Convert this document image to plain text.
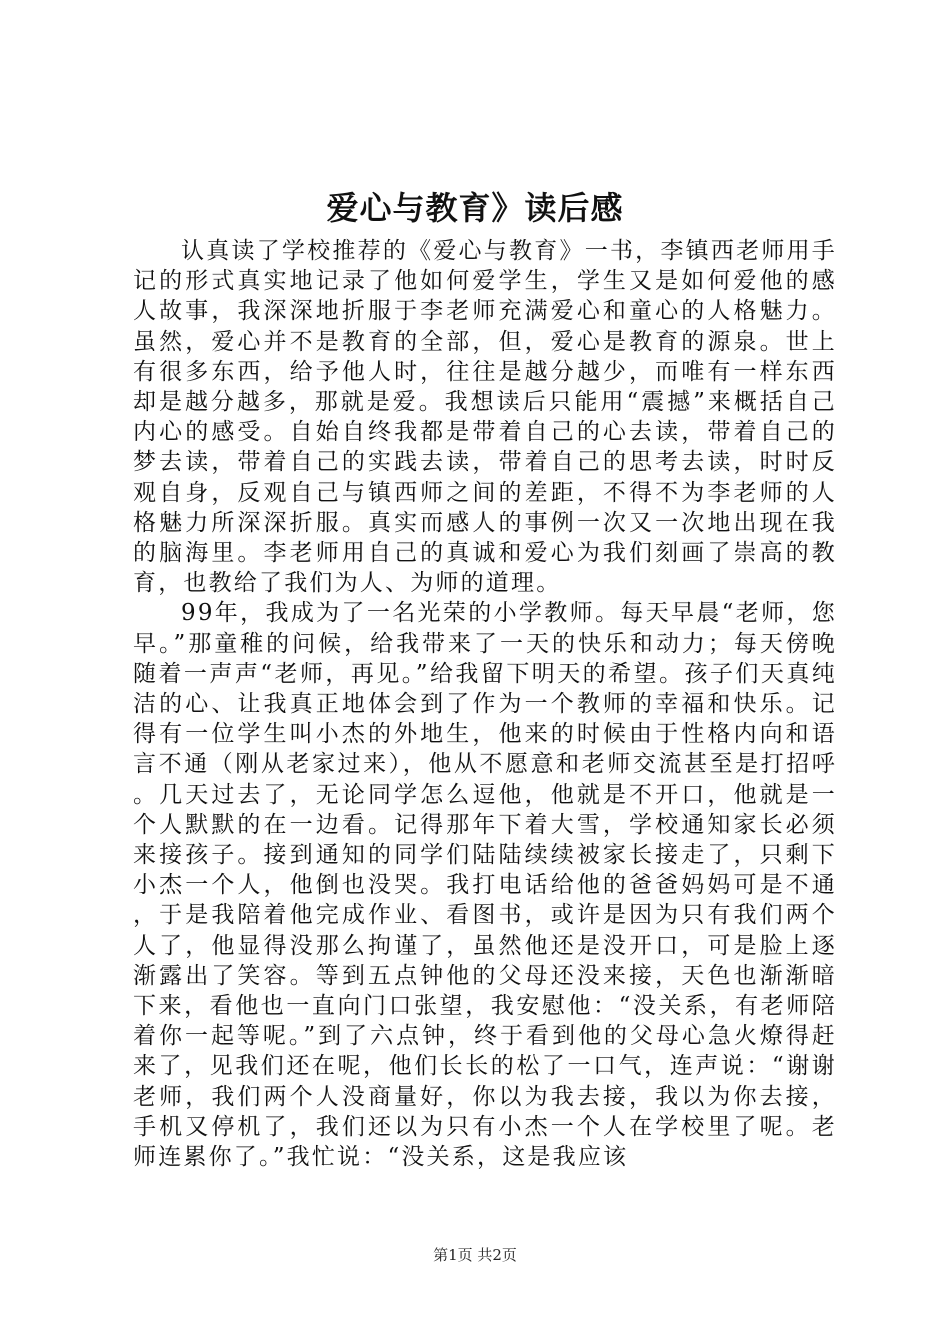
爱心与教育》读后感

认真读了学校推荐的《爱心与教育》一书，李镇西老师用手记的形式真实地记录了他如何爱学生，学生又是如何爱他的感人故事，我深深地折服于李老师充满爱心和童心的人格魅力。虽然，爱心并不是教育的全部，但，爱心是教育的源泉。世上有很多东西，给予他人时，往往是越分越少，而唯有一样东西却是越分越多，那就是爱。我想读后只能用“震撼”来概括自己内心的感受。自始自终我都是带着自己的心去读，带着自己的梦去读，带着自己的实践去读，带着自己的思考去读，时时反观自身，反观自己与镇西师之间的差距，不得不为李老师的人格魅力所深深折服。真实而感人的事例一次又一次地出现在我的脑海里。李老师用自己的真诚和爱心为我们刻画了崇高的教育，也教给了我们为人、为师的道理。

99年，我成为了一名光荣的小学教师。每天早晨“老师，您早。”那童稚的问候，给我带来了一天的快乐和动力；每天傍晚随着一声声“老师，再见。”给我留下明天的希望。孩子们天真纯洁的心、让我真正地体会到了作为一个教师的幸福和快乐。记得有一位学生叫小杰的外地生，他来的时候由于性格内向和语言不通（刚从老家过来），他从不愿意和老师交流甚至是打招呼。几天过去了，无论同学怎么逗他，他就是不开口，他就是一个人默默的在一边看。记得那年下着大雪，学校通知家长必须来接孩子。接到通知的同学们陆陆续续被家长接走了，只剩下小杰一个人，他倒也没哭。我打电话给他的爸爸妈妈可是不通，于是我陪着他完成作业、看图书，或许是因为只有我们两个人了，他显得没那么拘谨了，虽然他还是没开口，可是脸上逐渐露出了笑容。等到五点钟他的父母还没来接，天色也渐渐暗下来，看他也一直向门口张望，我安慰他：“没关系，有老师陪着你一起等呢。”到了六点钟，终于看到他的父母心急火燎得赶来了，见我们还在呢，他们长长的松了一口气，连声说：“谢谢老师，我们两个人没商量好，你以为我去接，我以为你去接，手机又停机了，我们还以为只有小杰一个人在学校里了呢。老师连累你了。”我忙说：“没关系，这是我应该

第1页 共2页
